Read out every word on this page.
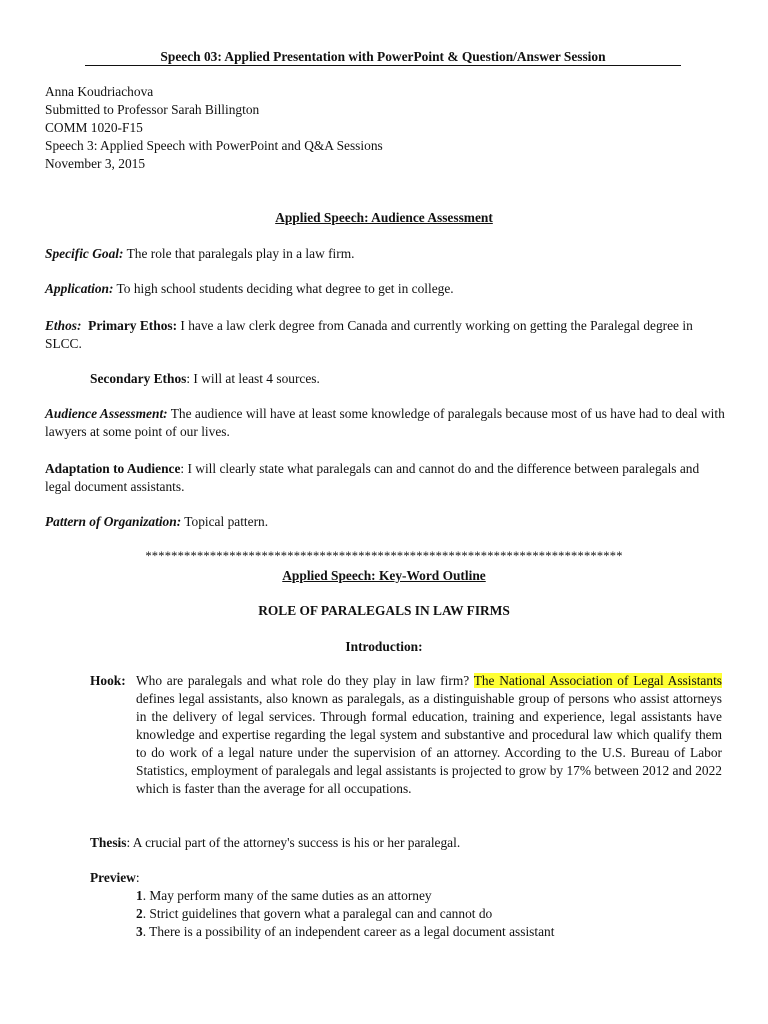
Speech 03: Applied Presentation with PowerPoint & Question/Answer Session
Anna Koudriachova
Submitted to Professor Sarah Billington
COMM 1020-F15
Speech 3: Applied Speech with PowerPoint and Q&A Sessions
November 3, 2015
Applied Speech: Audience Assessment
Specific Goal: The role that paralegals play in a law firm.
Application: To high school students deciding what degree to get in college.
Ethos: Primary Ethos: I have a law clerk degree from Canada and currently working on getting the Paralegal degree in SLCC.
Secondary Ethos: I will at least 4 sources.
Audience Assessment: The audience will have at least some knowledge of paralegals because most of us have had to deal with lawyers at some point of our lives.
Adaptation to Audience: I will clearly state what paralegals can and cannot do and the difference between paralegals and legal document assistants.
Pattern of Organization: Topical pattern.
**************************************************************************
Applied Speech: Key-Word Outline
ROLE OF PARALEGALS IN LAW FIRMS
Introduction:
Hook: Who are paralegals and what role do they play in law firm? The National Association of Legal Assistants defines legal assistants, also known as paralegals, as a distinguishable group of persons who assist attorneys in the delivery of legal services. Through formal education, training and experience, legal assistants have knowledge and expertise regarding the legal system and substantive and procedural law which qualify them to do work of a legal nature under the supervision of an attorney. According to the U.S. Bureau of Labor Statistics, employment of paralegals and legal assistants is projected to grow by 17% between 2012 and 2022 which is faster than the average for all occupations.
Thesis: A crucial part of the attorney's success is his or her paralegal.
Preview:
1. May perform many of the same duties as an attorney
2. Strict guidelines that govern what a paralegal can and cannot do
3. There is a possibility of an independent career as a legal document assistant
